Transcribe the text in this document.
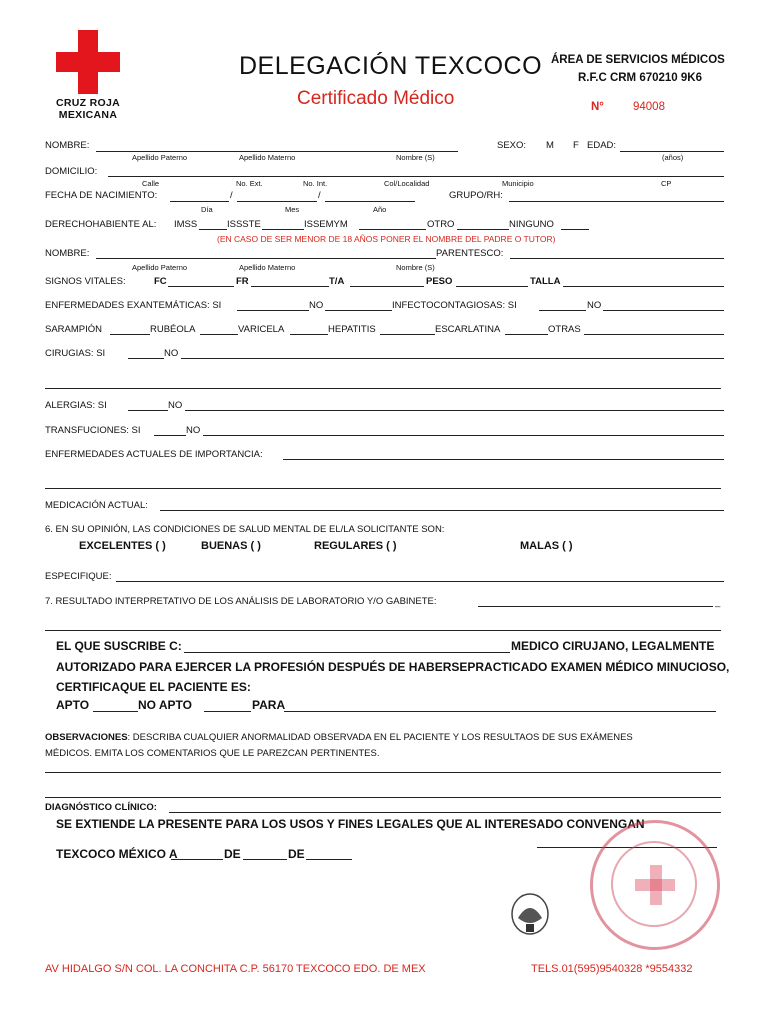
CRUZ ROJA
MEXICANA
DELEGACIÓN TEXCOCO
Certificado Médico
ÁREA DE SERVICIOS MÉDICOS
R.F.C CRM 670210 9K6
N°	94008
NOMBRE:
Apellido Paterno	Apellido Materno	Nombre (S)
SEXO: M F EDAD:
(años)
DOMICILIO:
Calle	No. Ext.	No. Int.	Col/Localidad	Municipio	CP
FECHA DE NACIMIENTO:	/	/	GRUPO/RH:
Día	Mes	Año
DERECHOHABIENTE AL: IMSS	ISSSTE	ISSEMYM	OTRO	NINGUNO
(EN CASO DE SER MENOR DE 18 AÑOS PONER EL NOMBRE DEL PADRE O TUTOR)
NOMBRE:	PARENTESCO:
Apellido Paterno	Apellido Materno	Nombre (S)
SIGNOS VITALES:	FC	FR	T/A	PESO	TALLA
ENFERMEDADES EXANTEMÁTICAS: SI	NO	INFECTOCONTAGIOSAS: SI	NO
SARAMPIÓN	RUBÉOLA	VARICELA	HEPATITIS	ESCARLATINA	OTRAS
CIRUGIAS: SI	NO
ALERGIAS: SI	NO
TRANSFUCIONES: SI	NO
ENFERMEDADES ACTUALES DE IMPORTANCIA:
MEDICACIÓN ACTUAL:
6. EN SU OPINIÓN, LAS CONDICIONES DE SALUD MENTAL DE EL/LA SOLICITANTE SON:
EXCELENTES ( )	BUENAS ( )	REGULARES ( )	MALAS ( )
ESPECIFIQUE:
7. RESULTADO INTERPRETATIVO DE LOS ANÁLISIS DE LABORATORIO Y/O GABINETE:	_
EL QUE SUSCRIBE C:	MEDICO CIRUJANO, LEGALMENTE
AUTORIZADO PARA EJERCER LA PROFESIÓN DESPUÉS DE HABERSEPRACTICADO EXAMEN MÉDICO MINUCIOSO,
CERTIFICAQUE EL PACIENTE ES:
APTO	NO APTO	PARA
OBSERVACIONES: DESCRIBA CUALQUIER ANORMALIDAD OBSERVADA EN EL PACIENTE Y LOS RESULTAOS DE SUS EXÁMENES
MÉDICOS. EMITA LOS COMENTARIOS QUE LE PAREZCAN PERTINENTES.
DIAGNÓSTICO CLÍNICO:
SE EXTIENDE LA PRESENTE PARA LOS USOS Y FINES LEGALES QUE AL INTERESADO CONVENGAN
TEXCOCO MÉXICO A	DE	DE
AV HIDALGO S/N COL. LA CONCHITA C.P. 56170 TEXCOCO EDO. DE MEX	TELS.01(595)9540328 *9554332
